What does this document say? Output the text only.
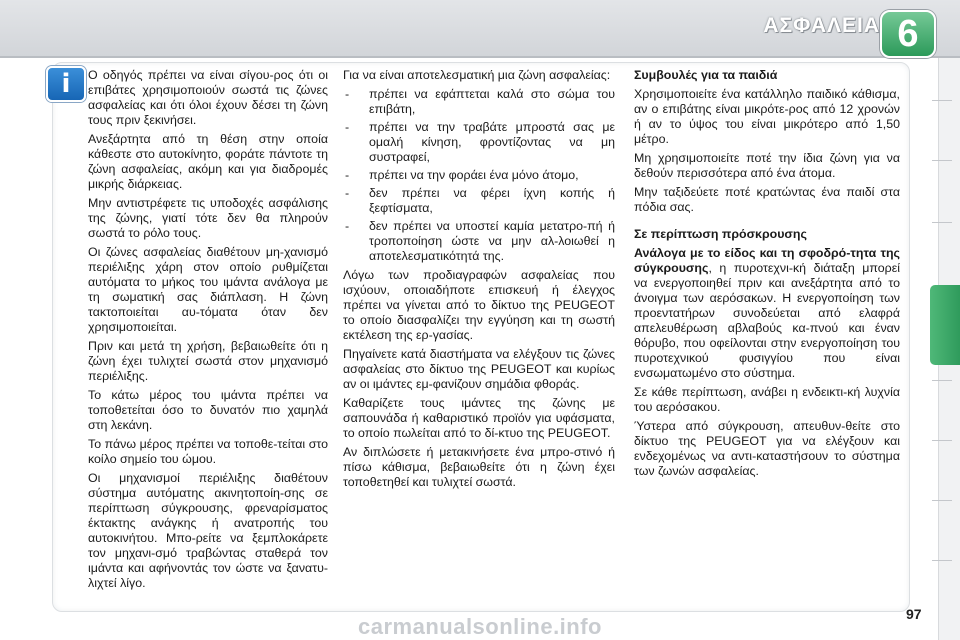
ΑΣΦΑΛΕΙΑ 6
i	Ο οδηγός πρέπει να είναι σίγου-ρος ότι οι επιβάτες χρησιμοποιούν σωστά τις ζώνες ασφαλείας και ότι όλοι έχουν δέσει τη ζώνη τους πριν ξεκινήσει.

Ανεξάρτητα από τη θέση στην οποία κάθεστε στο αυτοκίνητο, φοράτε πάντοτε τη ζώνη ασφαλείας, ακόμη και για διαδρομές μικρής διάρκειας.

Μην αντιστρέφετε τις υποδοχές ασφάλισης της ζώνης, γιατί τότε δεν θα πληρούν σωστά το ρόλο τους.

Οι ζώνες ασφαλείας διαθέτουν μη-χανισμό περιέλιξης χάρη στον οποίο ρυθμίζεται αυτόματα το μήκος του ιμάντα ανάλογα με τη σωματική σας διάπλαση. Η ζώνη τακτοποιείται αυ-τόματα όταν δεν χρησιμοποιείται.

Πριν και μετά τη χρήση, βεβαιωθείτε ότι η ζώνη έχει τυλιχτεί σωστά στον μηχανισμό περιέλιξης.

Το κάτω μέρος του ιμάντα πρέπει να τοποθετείται όσο το δυνατόν πιο χαμηλά στη λεκάνη.

Το πάνω μέρος πρέπει να τοποθε-τείται στο κοίλο σημείο του ώμου.

Οι μηχανισμοί περιέλιξης διαθέτουν σύστημα αυτόματης ακινητοποίη-σης σε περίπτωση σύγκρουσης, φρεναρίσματος έκτακτης ανάγκης ή ανατροπής του αυτοκινήτου. Μπο-ρείτε να ξεμπλοκάρετε τον μηχανι-σμό τραβώντας σταθερά τον ιμάντα και αφήνοντάς τον ώστε να ξανατυ-λιχτεί λίγο.

Για να είναι αποτελεσματική μια ζώνη ασφαλείας:

- πρέπει να εφάπτεται καλά στο σώμα του επιβάτη,
- πρέπει να την τραβάτε μπροστά σας με ομαλή κίνηση, φροντίζοντας να μη συστραφεί,
- πρέπει να την φοράει ένα μόνο άτομο,
- δεν πρέπει να φέρει ίχνη κοπής ή ξεφτίσματα,
- δεν πρέπει να υποστεί καμία μετατρο-πή ή τροποποίηση ώστε να μην αλ-λοιωθεί η αποτελεσματικότητά της.

Λόγω των προδιαγραφών ασφαλείας που ισχύουν, οποιαδήποτε επισκευή ή έλεγχος πρέπει να γίνεται από το δίκτυο της PEUGEOT το οποίο διασφαλίζει την εγγύηση και τη σωστή εκτέλεση της ερ-γασίας.

Πηγαίνετε κατά διαστήματα να ελέγξουν τις ζώνες ασφαλείας στο δίκτυο της PEUGEOT και κυρίως αν οι ιμάντες εμ-φανίζουν σημάδια φθοράς.

Καθαρίζετε τους ιμάντες της ζώνης με σαπουνάδα ή καθαριστικό προϊόν για υφάσματα, το οποίο πωλείται από το δί-κτυο της PEUGEOT.

Αν διπλώσετε ή μετακινήσετε ένα μπρο-στινό ή πίσω κάθισμα, βεβαιωθείτε ότι η ζώνη έχει τοποθετηθεί και τυλιχτεί σωστά.

Συμβουλές για τα παιδιά

Χρησιμοποιείτε ένα κατάλληλο παιδικό κάθισμα, αν ο επιβάτης είναι μικρότε-ρος από 12 χρονών ή αν το ύψος του είναι μικρότερο από 1,50 μέτρο.

Μη χρησιμοποιείτε ποτέ την ίδια ζώνη για να δεθούν περισσότερα από ένα άτομα.

Μην ταξιδεύετε ποτέ κρατώντας ένα παιδί στα πόδια σας.

Σε περίπτωση πρόσκρουσης

Ανάλογα με το είδος και τη σφοδρό-τητα της σύγκρουσης, η πυροτεχνι-κή διάταξη μπορεί να ενεργοποιηθεί πριν και ανεξάρτητα από το άνοιγμα των αερόσακων. Η ενεργοποίηση των προεντατήρων συνοδεύεται από ελαφρά απελευθέρωση αβλαβούς κα-πνού και έναν θόρυβο, που οφείλονται στην ενεργοποίηση του πυροτεχνικού φυσιγγίου που είναι ενσωματωμένο στο σύστημα.

Σε κάθε περίπτωση, ανάβει η ενδεικτι-κή λυχνία του αερόσακου.

Ύστερα από σύγκρουση, απευθυν-θείτε στο δίκτυο της PEUGEOT για να ελέγξουν και ενδεχομένως να αντι-καταστήσουν το σύστημα των ζωνών ασφαλείας.

97
carmanualsonline.info
